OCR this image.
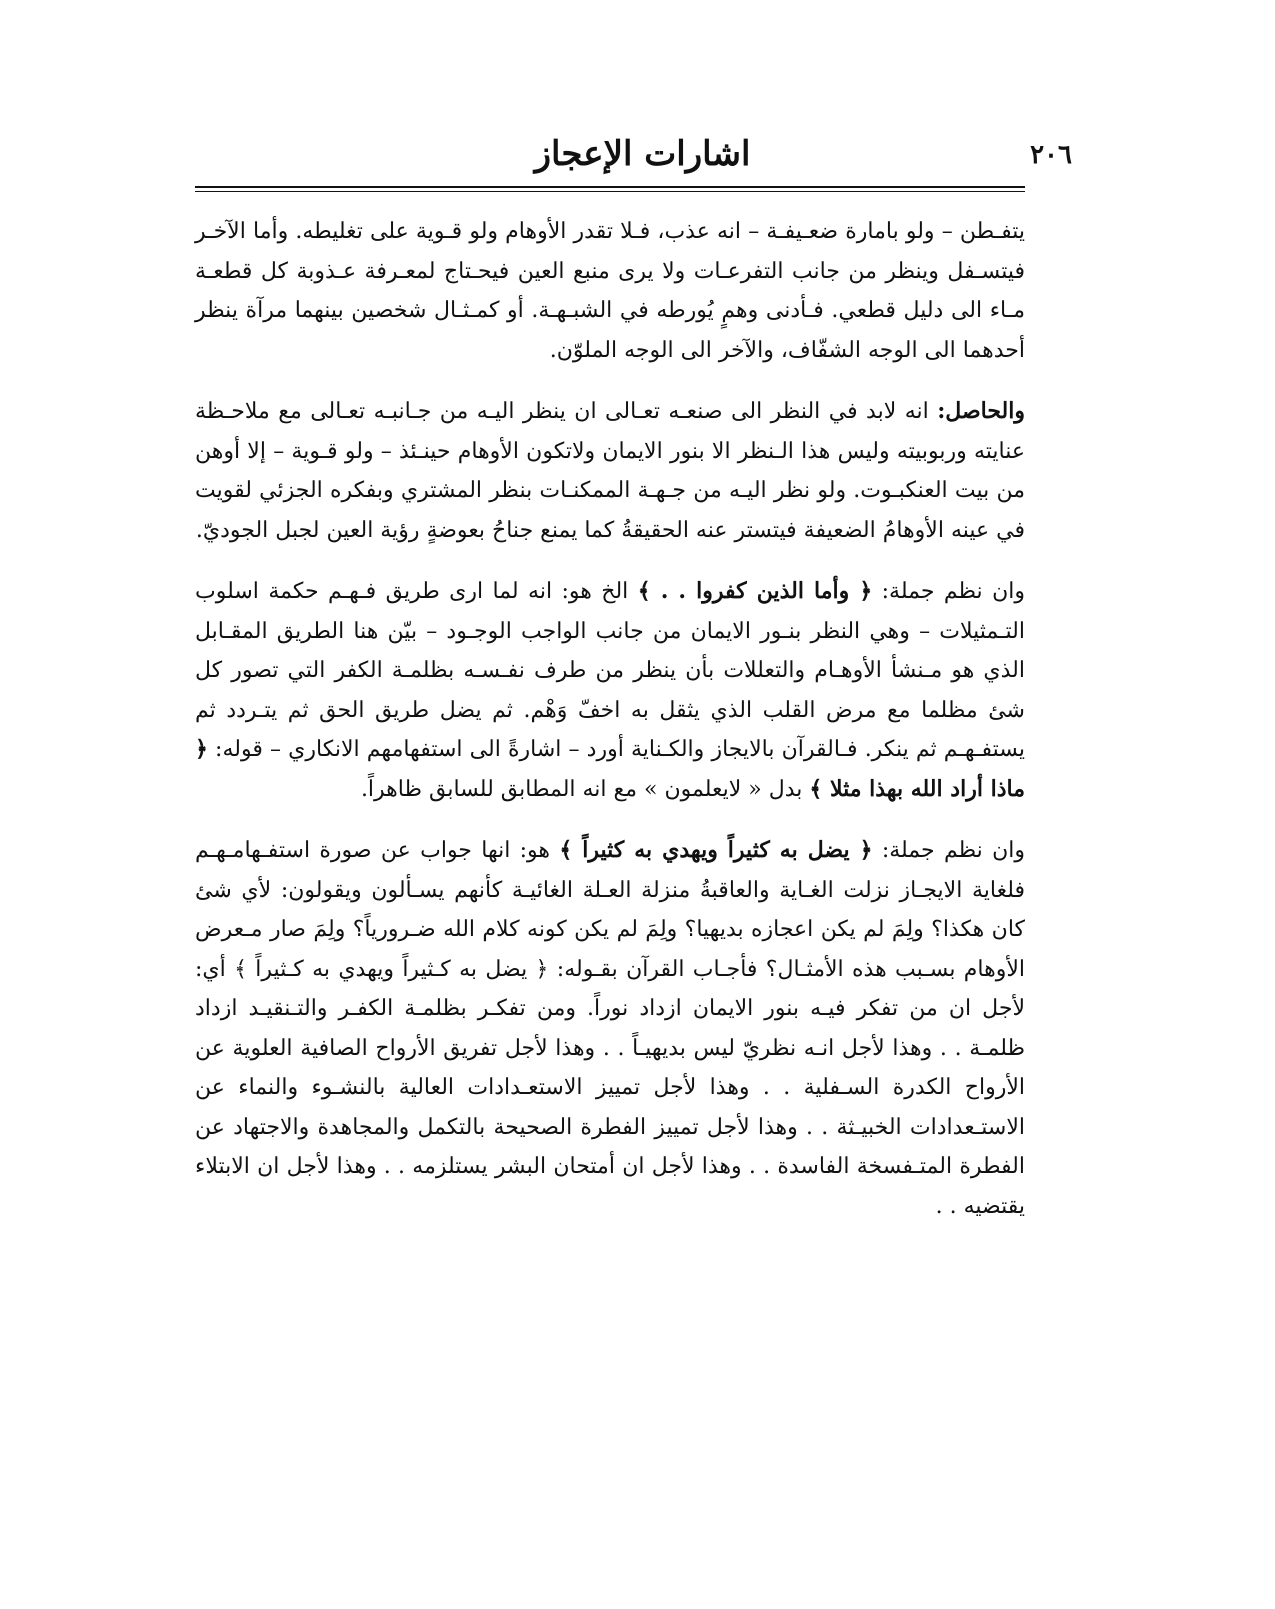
٢٠٦
اشارات الإعجاز

يتفـطن – ولو بامارة ضعـيفـة – انه عذب، فـلا تقدر الأوهام ولو قـوية على تغليطه. وأما الآخـر فيتسـفل وينظر من جانب التفرعـات ولا يرى منبع العين فيحـتاج لمعـرفة عـذوبة كل قطعـة مـاء الى دليل قطعي. فـأدنى وهمٍ يُورطه في الشبـهـة. أو كمـثـال شخصين بينهما مرآة ينظر أحدهما الى الوجه الشفّاف، والآخر الى الوجه الملوّن.

والحاصل: انه لابد في النظر الى صنعـه تعـالى ان ينظر اليـه من جـانبـه تعـالى مع ملاحـظة عنايته وربوبيته وليس هذا الـنظر الا بنور الايمان ولاتكون الأوهام حينـئذ – ولو قـوية – إلا أوهن من بيت العنكبـوت. ولو نظر اليـه من جـهـة الممكنـات بنظر المشتري وبفكره الجزئي لقويت في عينه الأوهامُ الضعيفة فيتستر عنه الحقيقةُ كما يمنع جناحُ بعوضةٍ رؤية العين لجبل الجوديّ.

وان نظم جملة: ﴿ وأما الذين كفروا . . ﴾ الخ هو: انه لما ارى طريق فـهـم حكمة اسلوب التـمثيلات – وهي النظر بنـور الايمان من جانب الواجب الوجـود – بيّن هنا الطريق المقـابل الذي هو مـنشأ الأوهـام والتعللات بأن ينظر من طرف نفـسـه بظلمـة الكفر التي تصور كل شئ مظلما مع مرض القلب الذي يثقل به اخفّ وَهْم. ثم يضل طريق الحق ثم يتـردد ثم يستفـهـم ثم ينكر. فـالقرآن بالايجاز والكـناية أورد – اشارةً الى استفهامهم الانكاري – قوله: ﴿ ماذا أراد الله بهذا مثلا ﴾ بدل « لايعلمون » مع انه المطابق للسابق ظاهراً.

وان نظم جملة: ﴿ يضل به كثيراً ويهدي به كثيراً ﴾ هو: انها جواب عن صورة استفـهامـهـم فلغاية الايجـاز نزلت الغـاية والعاقبةُ منزلة العـلة الغائيـة كأنهم يسـألون ويقولون: لأي شئ كان هكذا؟ ولِمَ لم يكن اعجازه بديهيا؟ ولِمَ لم يكن كونه كلام الله ضـرورياً؟ ولِمَ صار مـعرض الأوهام بسـبب هذه الأمثـال؟ فأجـاب القرآن بقـوله: ﴿ يضل به كـثيراً ويهدي به كـثيراً ﴾ أي: لأجل ان من تفكر فيـه بنور الايمان ازداد نوراً. ومن تفكـر بظلمـة الكفـر والتـنقيـد ازداد ظلمـة . . وهذا لأجل انـه نظريّ ليس بديهيـاً . . وهذا لأجل تفريق الأرواح الصافية العلوية عن الأرواح الكدرة السـفلية . . وهذا لأجل تمييز الاستعـدادات العالية بالنشـوء والنماء عن الاستـعدادات الخبيـثة . . وهذا لأجل تمييز الفطرة الصحيحة بالتكمل والمجاهدة والاجتهاد عن الفطرة المتـفسخة الفاسدة . . وهذا لأجل ان أمتحان البشر يستلزمه . . وهذا لأجل ان الابتلاء يقتضيه . .
